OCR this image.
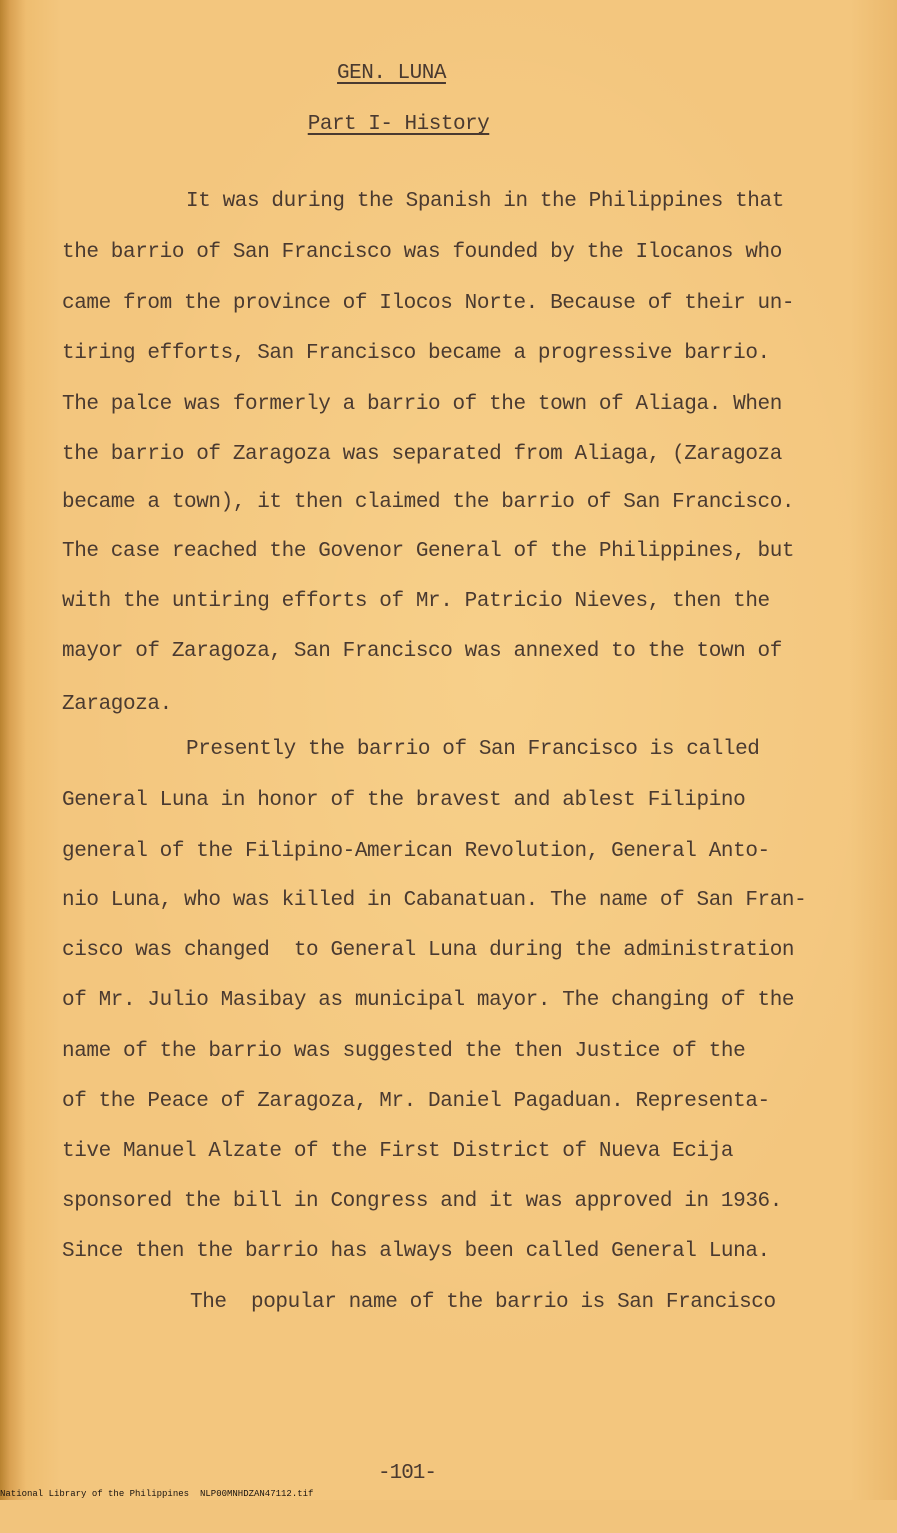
GEN. LUNA
Part I- History
It was during the Spanish in the Philippines that
the barrio of San Francisco was founded by the Ilocanos who
came from the province of Ilocos Norte. Because of their un-
tiring efforts, San Francisco became a progressive barrio.
The palce was formerly a barrio of the town of Aliaga. When
the barrio of Zaragoza was separated from Aliaga, (Zaragoza
became a town), it then claimed the barrio of San Francisco.
The case reached the Govenor General of the Philippines, but
with the untiring efforts of Mr. Patricio Nieves, then the
mayor of Zaragoza, San Francisco was annexed to the town of
Zaragoza.
Presently the barrio of San Francisco is called
General Luna in honor of the bravest and ablest Filipino
general of the Filipino-American Revolution, General Anto-
nio Luna, who was killed in Cabanatuan. The name of San Fran-
cisco was changed  to General Luna during the administration
of Mr. Julio Masibay as municipal mayor. The changing of the
name of the barrio was suggested the then Justice of the
of the Peace of Zaragoza, Mr. Daniel Pagaduan. Representa-
tive Manuel Alzate of the First District of Nueva Ecija
sponsored the bill in Congress and it was approved in 1936.
Since then the barrio has always been called General Luna.
The  popular name of the barrio is San Francisco
-101-

National Library of the Philippines

NLP00MNHDZAN47112.tif
